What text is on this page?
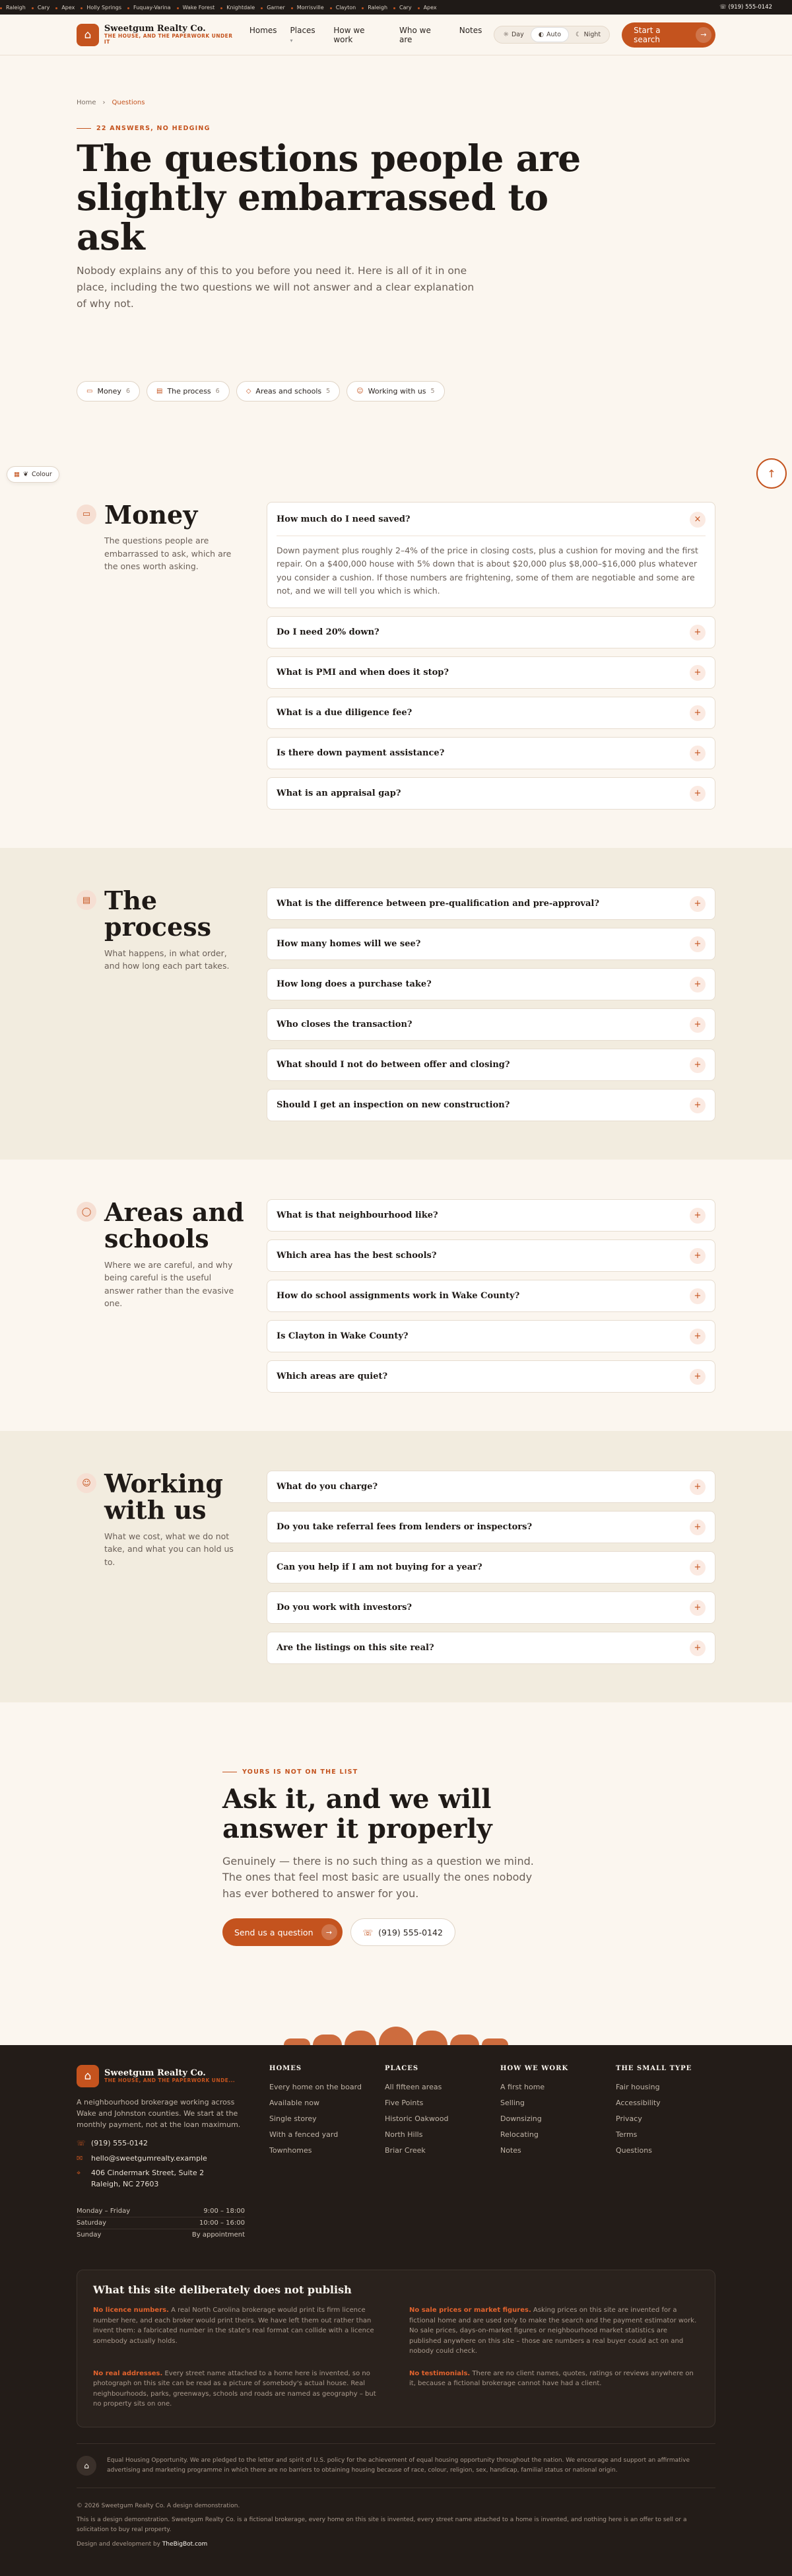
Raleigh	Cary	Apex	Holly Springs	Fuquay-Varina	Wake Forest	Knightdale	Garner	Morrisville	Clayton	Raleigh	Cary	Apex	☏ (919) 555-0142
⌂	Sweetgum Realty Co.
THE HOUSE, AND THE PAPERWORK UNDER IT
Homes Places ▾
How we work
Who we are
Notes	☼ Day ◐ Auto ☾ Night	Start a search	→
▦ ❦ Colour	↑
Home › Questions
22 ANSWERS, NO HEDGING
The questions people are slightly embarrassed to ask

Nobody explains any of this to you before you need it. Here is all of it in one place, including the two questions we will not answer and a clear explanation of why not.

▭ Money 6	▤ The process 6	◇ Areas and schools 5	☺ Working with us 5
▭ Money
The questions people are embarrassed to ask, which are the ones worth asking.
How much do I need saved?	×
Down payment plus roughly 2–4% of the price in closing costs, plus a cushion for moving and the first repair. On a $400,000 house with 5% down that is about $20,000 plus $8,000–$16,000 plus whatever you consider a cushion. If those numbers are frightening, some of them are negotiable and some are not, and we will tell you which is which.
Do I need 20% down?	+
What is PMI and when does it stop?	+
What is a due diligence fee?	+
Is there down payment assistance?	+
What is an appraisal gap?	+
▤ The process
What happens, in what order, and how long each part takes.
What is the difference between pre-qualification and pre-approval?	+
How many homes will we see?	+
How long does a purchase take?	+
Who closes the transaction?	+
What should I not do between offer and closing?	+
Should I get an inspection on new construction?	+
◯ Areas and schools
Where we are careful, and why being careful is the useful answer rather than the evasive one.
What is that neighbourhood like?	+
Which area has the best schools?	+
How do school assignments work in Wake County?	+
Is Clayton in Wake County?	+
Which areas are quiet?	+
☺ Working with us
What we cost, what we do not take, and what you can hold us to.
What do you charge?	+
Do you take referral fees from lenders or inspectors?	+
Can you help if I am not buying for a year?	+
Do you work with investors?	+
Are the listings on this site real?	+
YOURS IS NOT ON THE LIST
Ask it, and we will answer it properly

Genuinely — there is no such thing as a question we mind. The ones that feel most basic are usually the ones nobody has ever bothered to answer for you.

Send us a question	→	☏ (919) 555-0142
⌂	Sweetgum Realty Co.
THE HOUSE, AND THE PAPERWORK UNDE...
A neighbourhood brokerage working across Wake and Johnston counties. We start at the monthly payment, not at the loan maximum.
☏ (919) 555-0142
✉ hello@sweetgumrealty.example
⌖	406 Cindermark Street, Suite 2
Raleigh, NC 27603
Monday – Friday	9:00 – 18:00
Saturday	10:00 – 16:00
Sunday	By appointment
HOMES
Every home on the board
Available now
Single storey
With a fenced yard
Townhomes
PLACES
All fifteen areas
Five Points
Historic Oakwood
North Hills
Briar Creek
HOW WE WORK
A first home
Selling
Downsizing
Relocating
Notes
THE SMALL TYPE
Fair housing
Accessibility
Privacy
Terms
Questions
What this site deliberately does not publish
No licence numbers. A real North Carolina brokerage would print its firm licence number here, and each broker would print theirs. We have left them out rather than invent them: a fabricated number in the state's real format can collide with a licence somebody actually holds.
No sale prices or market figures. Asking prices on this site are invented for a fictional home and are used only to make the search and the payment estimator work. No sale prices, days-on-market figures or neighbourhood market statistics are published anywhere on this site – those are numbers a real buyer could act on and nobody could check.
No real addresses. Every street name attached to a home here is invented, so no photograph on this site can be read as a picture of somebody's actual house. Real neighbourhoods, parks, greenways, schools and roads are named as geography – but no property sits on one.
No testimonials. There are no client names, quotes, ratings or reviews anywhere on it, because a fictional brokerage cannot have had a client.
⌂

Equal Housing Opportunity. We are pledged to the letter and spirit of U.S. policy for the achievement of equal housing opportunity throughout the nation. We encourage and support an affirmative advertising and marketing programme in which there are no barriers to obtaining housing because of race, colour, religion, sex, handicap, familial status or national origin.

© 2026 Sweetgum Realty Co. A design demonstration.
This is a design demonstration. Sweetgum Realty Co. is a fictional brokerage, every home on this site is invented, every street name attached to a home is invented, and nothing here is an offer to sell or a solicitation to buy real property.
Design and development by TheBigBot.com
